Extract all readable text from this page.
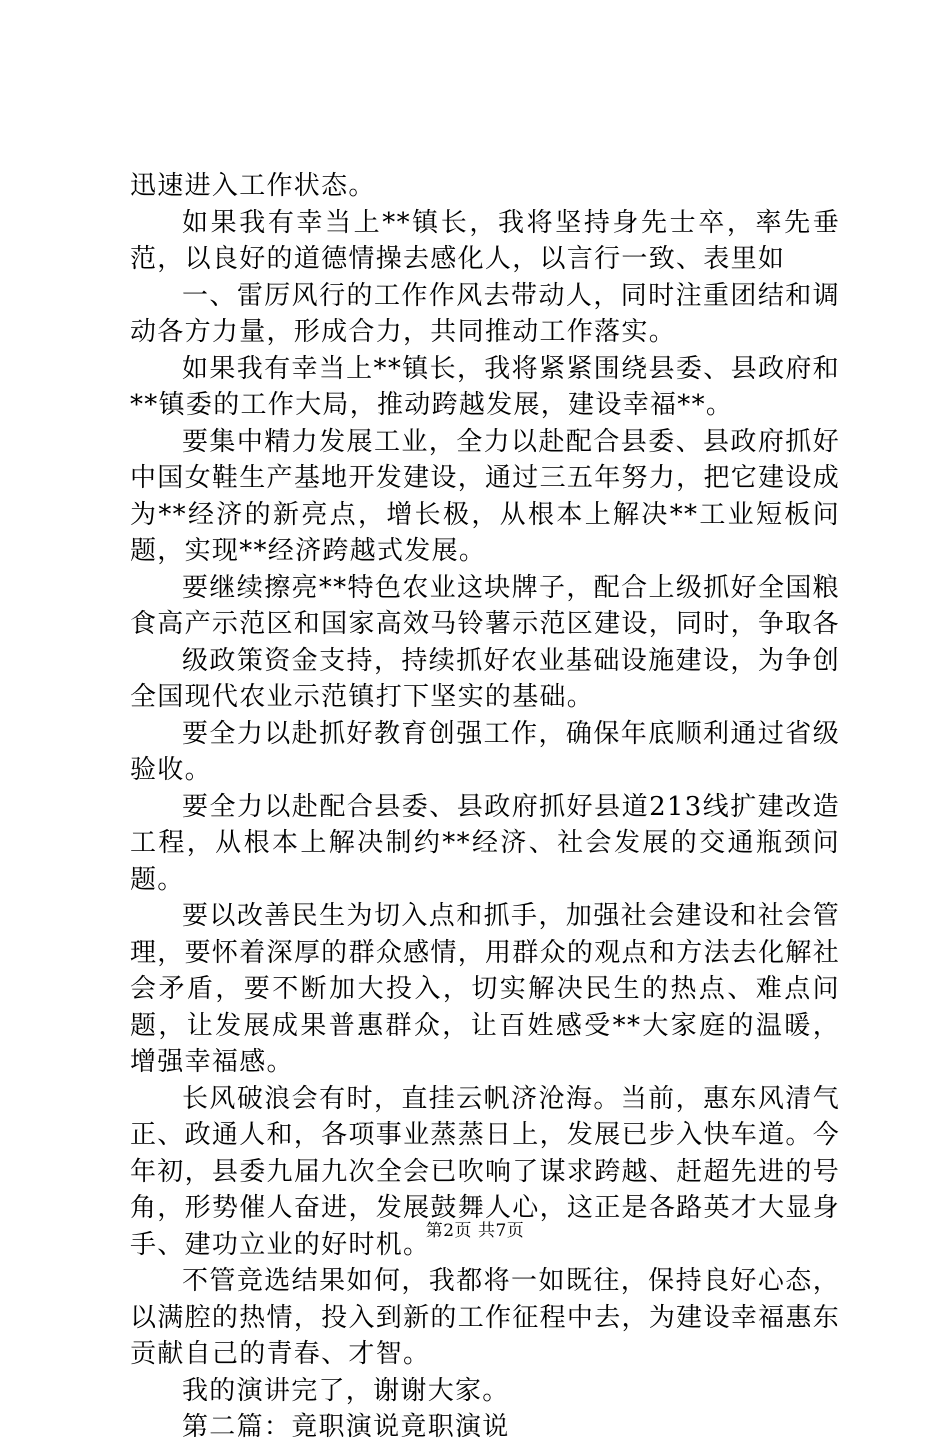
迅速进入工作状态。

如果我有幸当上**镇长，我将坚持身先士卒，率先垂范，以良好的道德情操去感化人，以言行一致、表里如

一、雷厉风行的工作作风去带动人，同时注重团结和调动各方力量，形成合力，共同推动工作落实。

如果我有幸当上**镇长，我将紧紧围绕县委、县政府和**镇委的工作大局，推动跨越发展，建设幸福**。

要集中精力发展工业，全力以赴配合县委、县政府抓好中国女鞋生产基地开发建设，通过三五年努力，把它建设成为**经济的新亮点，增长极，从根本上解决**工业短板问题，实现**经济跨越式发展。

要继续擦亮**特色农业这块牌子，配合上级抓好全国粮食高产示范区和国家高效马铃薯示范区建设，同时，争取各

级政策资金支持，持续抓好农业基础设施建设，为争创全国现代农业示范镇打下坚实的基础。

要全力以赴抓好教育创强工作，确保年底顺利通过省级验收。

要全力以赴配合县委、县政府抓好县道213线扩建改造工程，从根本上解决制约**经济、社会发展的交通瓶颈问题。

要以改善民生为切入点和抓手，加强社会建设和社会管理，要怀着深厚的群众感情，用群众的观点和方法去化解社会矛盾，要不断加大投入，切实解决民生的热点、难点问题，让发展成果普惠群众，让百姓感受**大家庭的温暖，增强幸福感。

长风破浪会有时，直挂云帆济沧海。当前，惠东风清气正、政通人和，各项事业蒸蒸日上，发展已步入快车道。今年初，县委九届九次全会已吹响了谋求跨越、赶超先进的号角，形势催人奋进，发展鼓舞人心，这正是各路英才大显身手、建功立业的好时机。

不管竞选结果如何，我都将一如既往，保持良好心态，以满腔的热情，投入到新的工作征程中去，为建设幸福惠东贡献自己的青春、才智。

我的演讲完了，谢谢大家。

第二篇：竟职演说竟职演说

第2页 共7页
